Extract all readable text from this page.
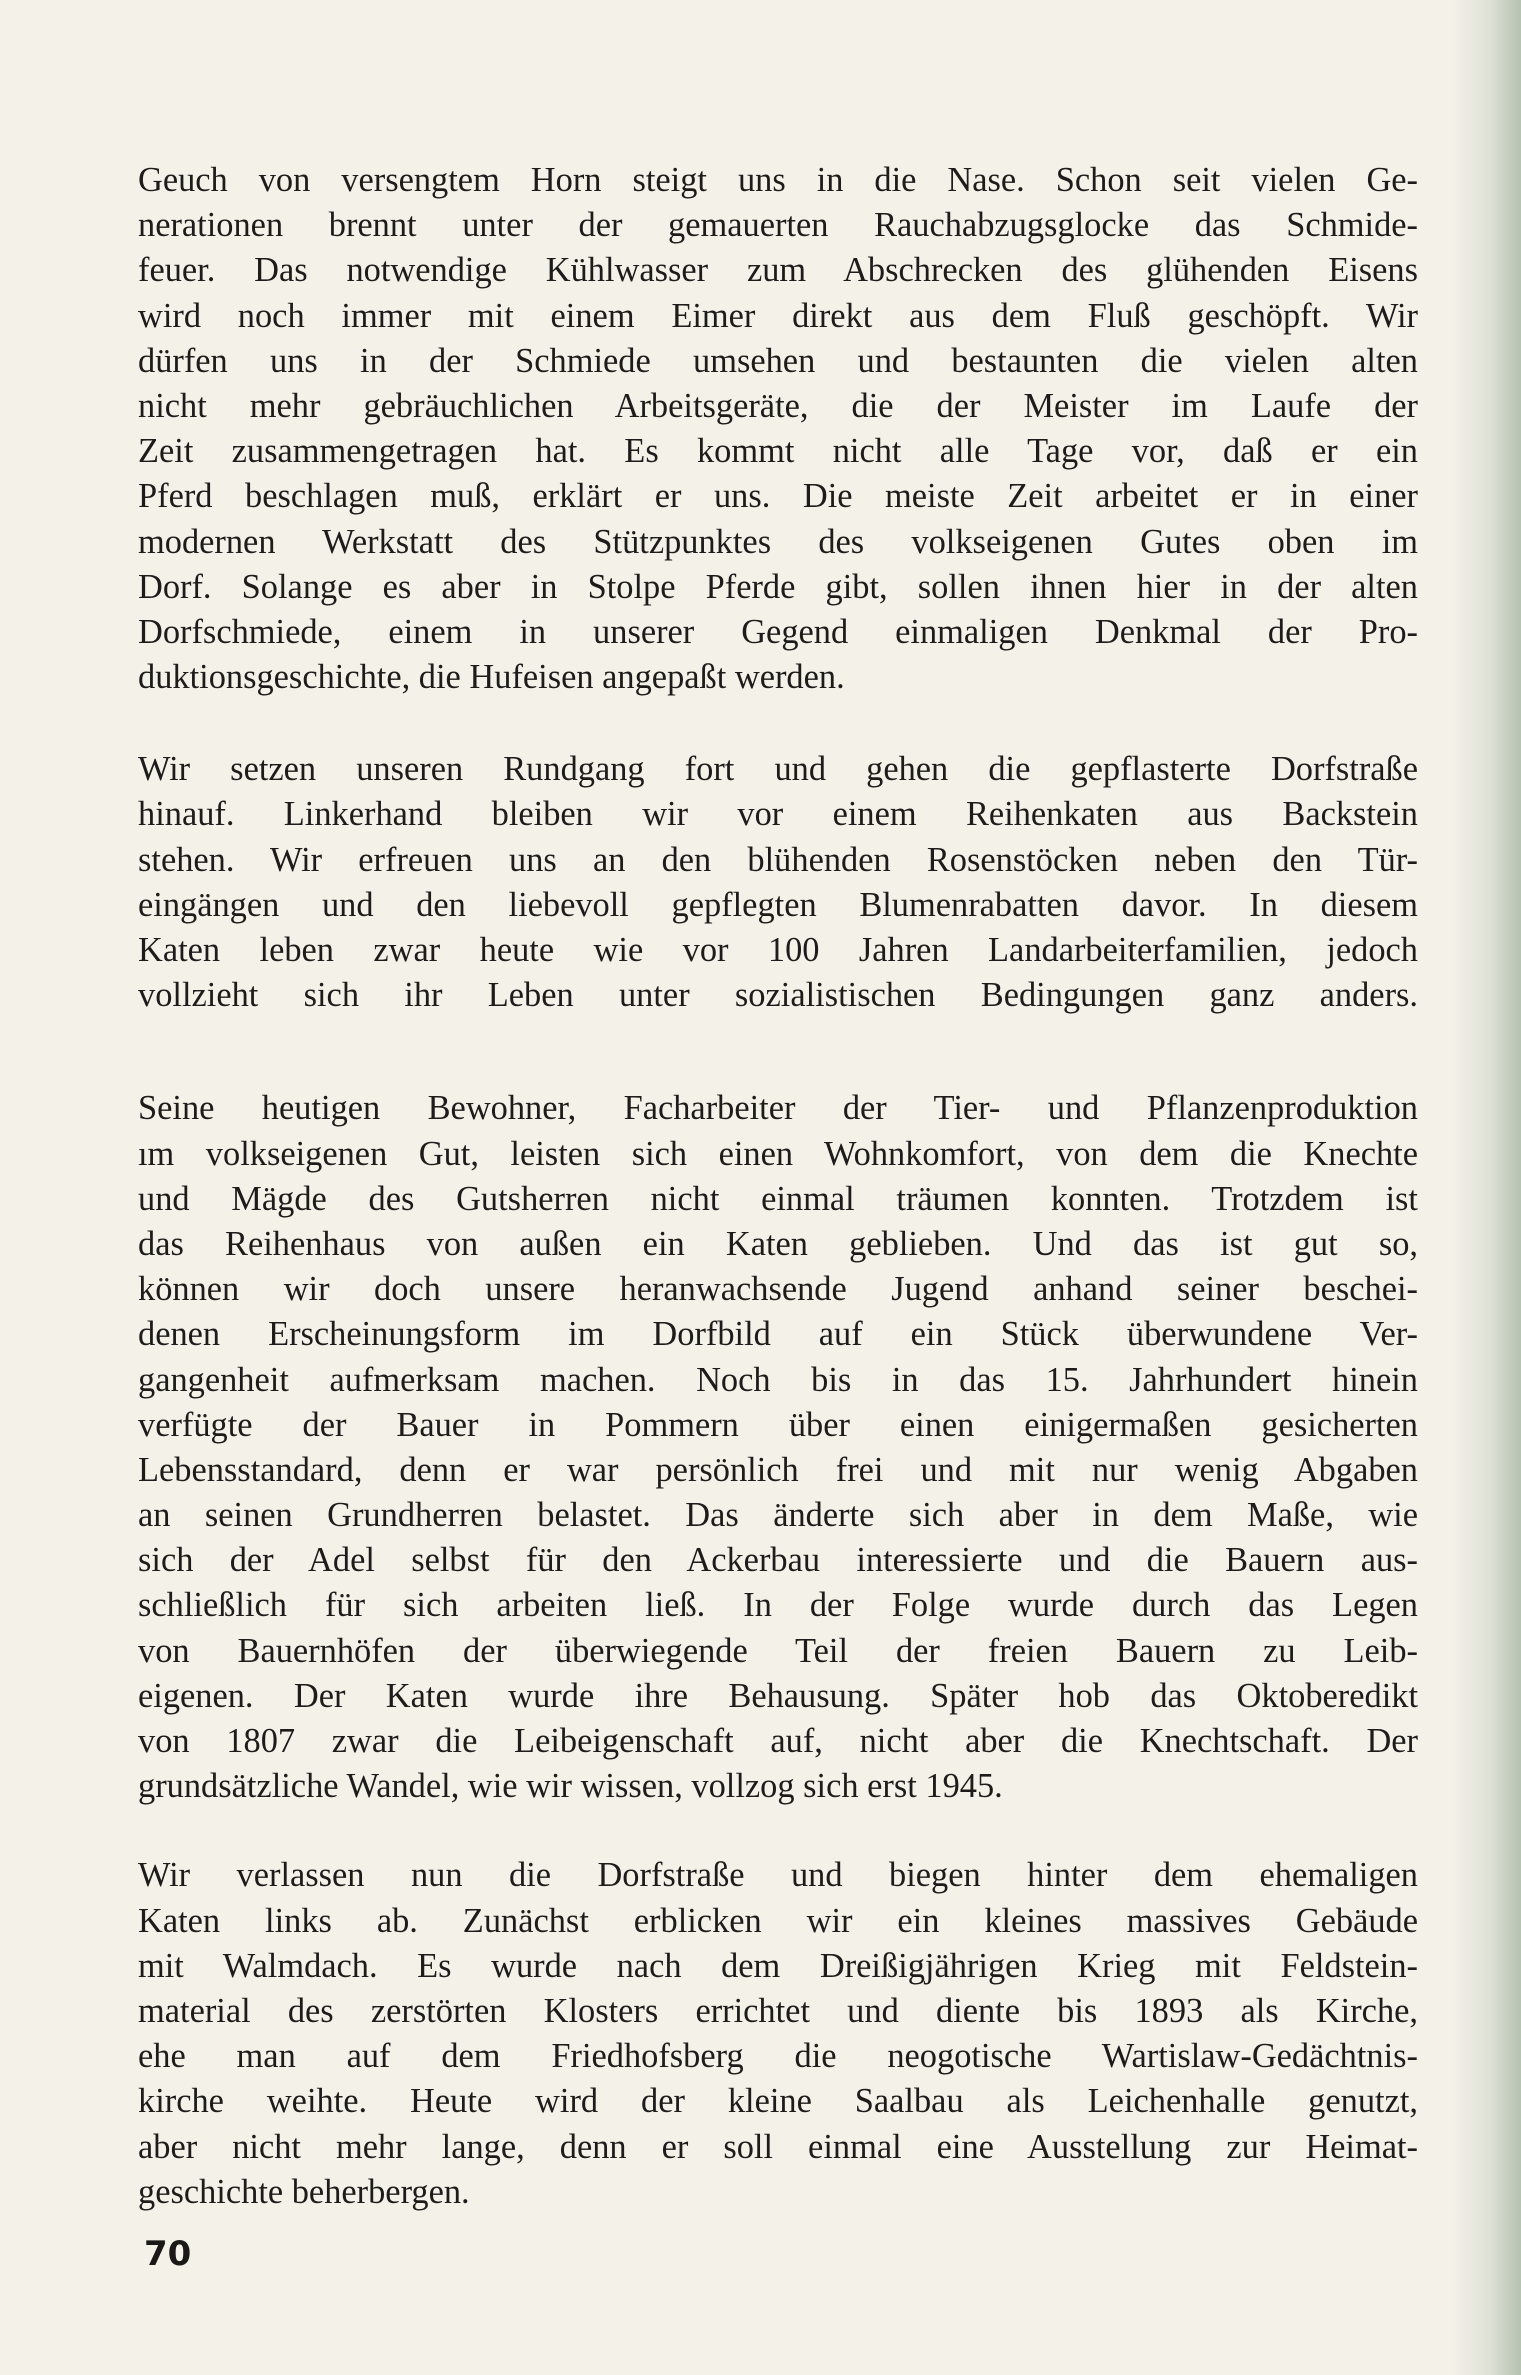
Geuch von versengtem Horn steigt uns in die Nase. Schon seit vielen Ge-
nerationen brennt unter der gemauerten Rauchabzugsglocke das Schmide-
feuer. Das notwendige Kühlwasser zum Abschrecken des glühenden Eisens
wird noch immer mit einem Eimer direkt aus dem Fluß geschöpft. Wir
dürfen uns in der Schmiede umsehen und bestaunten die vielen alten
nicht mehr gebräuchlichen Arbeitsgeräte, die der Meister im Laufe der
Zeit zusammengetragen hat. Es kommt nicht alle Tage vor, daß er ein
Pferd beschlagen muß, erklärt er uns. Die meiste Zeit arbeitet er in einer
modernen Werkstatt des Stützpunktes des volkseigenen Gutes oben im
Dorf. Solange es aber in Stolpe Pferde gibt, sollen ihnen hier in der alten
Dorfschmiede, einem in unserer Gegend einmaligen Denkmal der Pro-
duktionsgeschichte, die Hufeisen angepaßt werden.

Wir setzen unseren Rundgang fort und gehen die gepflasterte Dorfstraße
hinauf. Linkerhand bleiben wir vor einem Reihenkaten aus Backstein
stehen. Wir erfreuen uns an den blühenden Rosenstöcken neben den Tür-
eingängen und den liebevoll gepflegten Blumenrabatten davor. In diesem
Katen leben zwar heute wie vor 100 Jahren Landarbeiterfamilien, jedoch
vollzieht sich ihr Leben unter sozialistischen Bedingungen ganz anders.

Seine heutigen Bewohner, Facharbeiter der Tier- und Pflanzenproduktion
ım volkseigenen Gut, leisten sich einen Wohnkomfort, von dem die Knechte
und Mägde des Gutsherren nicht einmal träumen konnten. Trotzdem ist
das Reihenhaus von außen ein Katen geblieben. Und das ist gut so,
können wir doch unsere heranwachsende Jugend anhand seiner beschei-
denen Erscheinungsform im Dorfbild auf ein Stück überwundene Ver-
gangenheit aufmerksam machen. Noch bis in das 15. Jahrhundert hinein
verfügte der Bauer in Pommern über einen einigermaßen gesicherten
Lebensstandard, denn er war persönlich frei und mit nur wenig Abgaben
an seinen Grundherren belastet. Das änderte sich aber in dem Maße, wie
sich der Adel selbst für den Ackerbau interessierte und die Bauern aus-
schließlich für sich arbeiten ließ. In der Folge wurde durch das Legen
von Bauernhöfen der überwiegende Teil der freien Bauern zu Leib-
eigenen. Der Katen wurde ihre Behausung. Später hob das Oktoberedikt
von 1807 zwar die Leibeigenschaft auf, nicht aber die Knechtschaft. Der
grundsätzliche Wandel, wie wir wissen, vollzog sich erst 1945.

Wir verlassen nun die Dorfstraße und biegen hinter dem ehemaligen
Katen links ab. Zunächst erblicken wir ein kleines massives Gebäude
mit Walmdach. Es wurde nach dem Dreißigjährigen Krieg mit Feldstein-
material des zerstörten Klosters errichtet und diente bis 1893 als Kirche,
ehe man auf dem Friedhofsberg die neogotische Wartislaw-Gedächtnis-
kirche weihte. Heute wird der kleine Saalbau als Leichenhalle genutzt,
aber nicht mehr lange, denn er soll einmal eine Ausstellung zur Heimat-
geschichte beherbergen.

70
